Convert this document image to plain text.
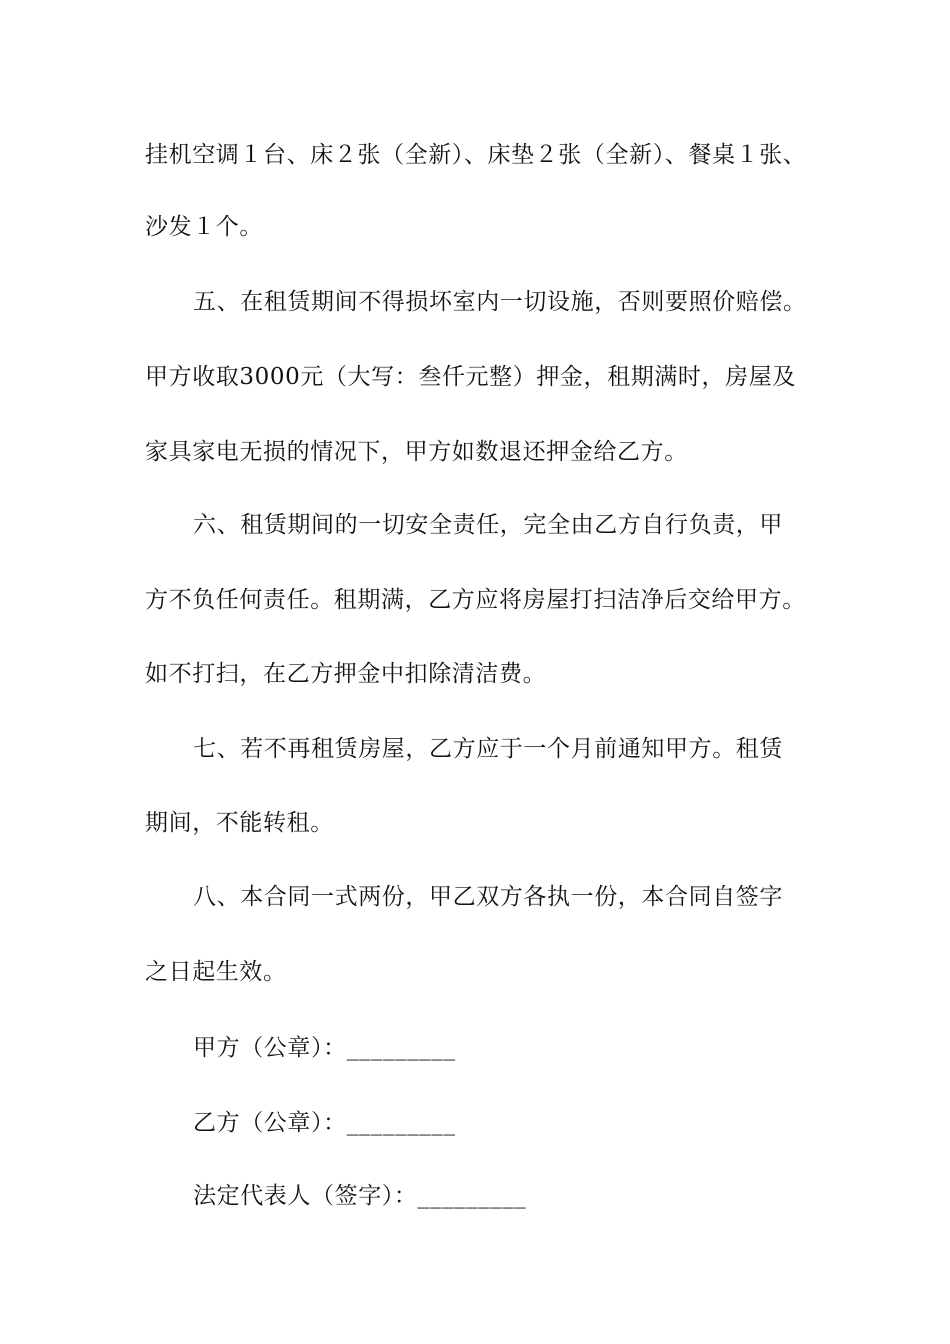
挂机空调１台、床２张（全新）、床垫２张（全新）、餐桌１张、
沙发１个。
五、在租赁期间不得损坏室内一切设施，否则要照价赔偿。
甲方收取3000元（大写：叁仟元整）押金，租期满时，房屋及
家具家电无损的情况下，甲方如数退还押金给乙方。
六、租赁期间的一切安全责任，完全由乙方自行负责，甲
方不负任何责任。租期满，乙方应将房屋打扫洁净后交给甲方。
如不打扫，在乙方押金中扣除清洁费。
七、若不再租赁房屋，乙方应于一个月前通知甲方。租赁
期间，不能转租。
八、本合同一式两份，甲乙双方各执一份，本合同自签字
之日起生效。
甲方（公章）：_________
乙方（公章）：_________
法定代表人（签字）：_________
